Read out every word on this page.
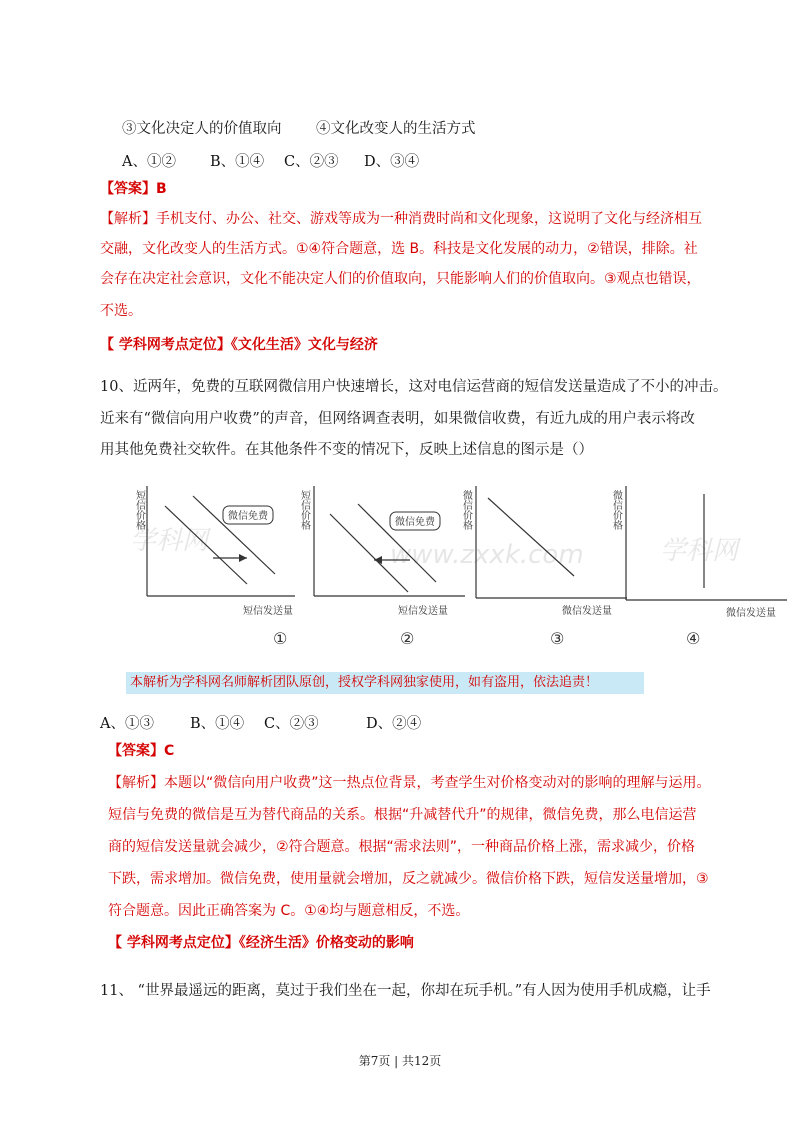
学科网	www.zxxk.com	学科网
③文化决定人的价值取向 ④文化改变人的生活方式
A、①② B、①④ C、②③ D、③④
【答案】B
【解析】手机支付、办公、社交、游戏等成为一种消费时尚和文化现象，这说明了文化与经济相互
交融，文化改变人的生活方式。①④符合题意，选 B。科技是文化发展的动力，②错误，排除。社
会存在决定社会意识，文化不能决定人们的价值取向，只能影响人们的价值取向。③观点也错误，
不选。
【 学科网考点定位】《文化生活》文化与经济
10、近两年，免费的互联网微信用户快速增长，这对电信运营商的短信发送量造成了不小的冲击。
近来有“微信向用户收费”的声音，但网络调查表明，如果微信收费，有近九成的用户表示将改
用其他免费社交软件。在其他条件不变的情况下，反映上述信息的图示是（）
短信价格	微信免费
短信发送量
①
短信价格	微信免费
短信发送量
②
微信价格
微信发送量
③
微信价格
微信发送量
④
本解析为学科网名师解析团队原创，授权学科网独家使用，如有盗用，依法追责！
A、①③ B、①④ C、②③	D、②④
【答案】C
【解析】本题以“微信向用户收费”这一热点位背景，考查学生对价格变动对的影响的理解与运用。
短信与免费的微信是互为替代商品的关系。根据“升减替代升”的规律，微信免费，那么电信运营
商的短信发送量就会减少，②符合题意。根据“需求法则”，一种商品价格上涨，需求减少，价格
下跌，需求增加。微信免费，使用量就会增加，反之就减少。微信价格下跌，短信发送量增加，③
符合题意。因此正确答案为 C。①④均与题意相反，不选。
【 学科网考点定位】《经济生活》价格变动的影响
11、 “世界最遥远的距离，莫过于我们坐在一起，你却在玩手机。”有人因为使用手机成瘾，让手
第7页 | 共12页
